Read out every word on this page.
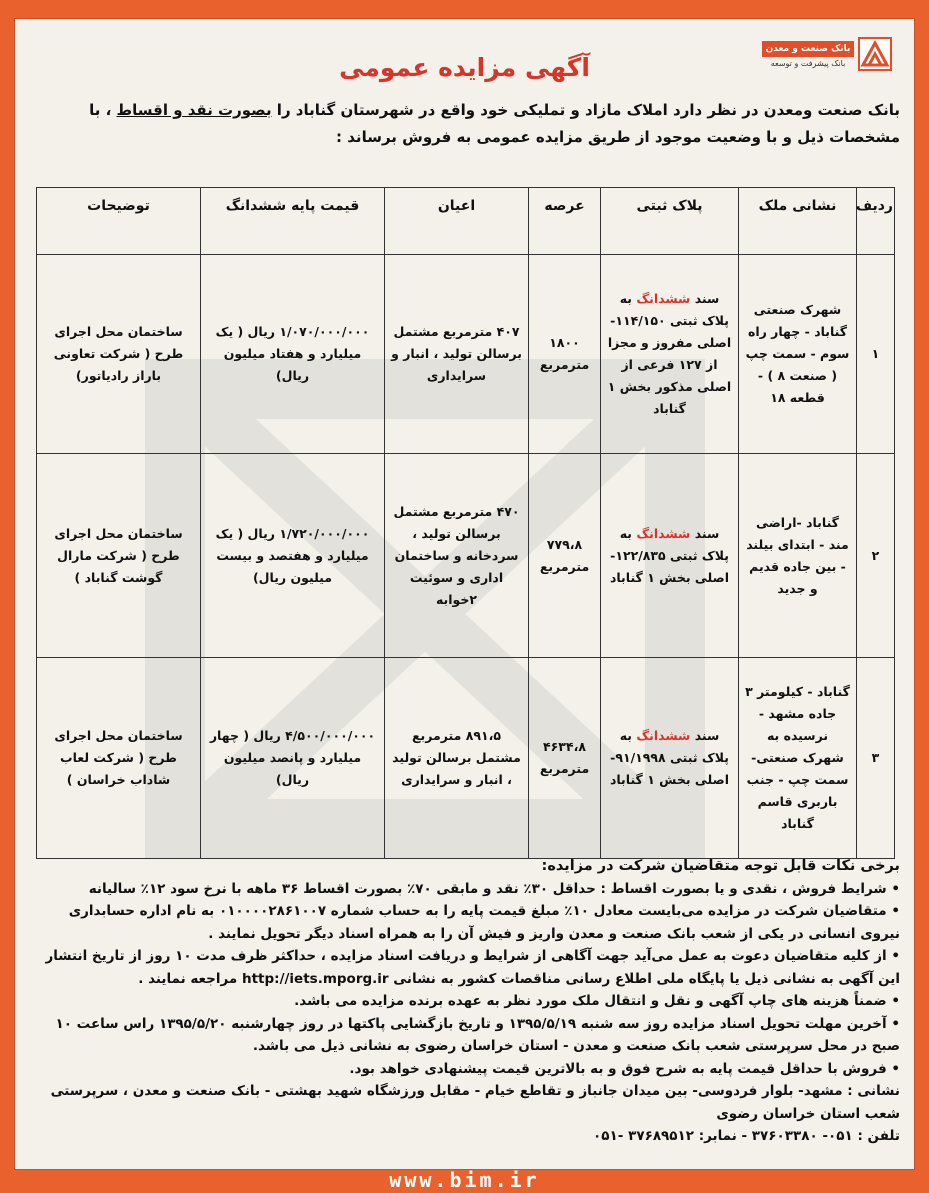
بانک صنعت و معدن
بانک پیشرفت و توسعه
آگهی مزایده عمومی
بانک صنعت ومعدن در نظر دارد املاک مازاد و تملیکی خود واقع در شهرستان گناباد را بصورت نقد و اقساط ، با مشخصات ذیل و با وضعیت موجود از طریق مزایده عمومی به فروش برساند :
ردیف	نشانی ملک	پلاک ثبتی	عرصه	اعیان	قیمت پایه ششدانگ	توضیحات
۱	شهرک صنعتی گناباد - چهار راه سوم - سمت چپ ( صنعت ۸ ) - قطعه ۱۸	سند ششدانگ به پلاک ثبتی ۱۱۴/۱۵۰- اصلی مفروز و مجزا از ۱۲۷ فرعی از اصلی مذکور بخش ۱ گناباد	۱۸۰۰ مترمربع	۴۰۷ مترمربع مشتمل برسالن تولید ، انبار و سرایداری	۱/۰۷۰/۰۰۰/۰۰۰ ریال ( یک میلیارد و هفتاد میلیون ریال)	ساختمان محل اجرای طرح ( شرکت تعاونی باراز رادیاتور)
۲	گناباد -اراضی مند - ابتدای بیلند - بین جاده قدیم و جدید	سند ششدانگ به پلاک ثبتی ۱۲۲/۸۳۵-اصلی بخش ۱ گناباد	۷۷۹،۸ مترمربع	۴۷۰ مترمربع مشتمل برسالن تولید ، سردخانه و ساختمان اداری و سوئیت ۲خوابه	۱/۷۲۰/۰۰۰/۰۰۰ ریال ( یک میلیارد و هفتصد و بیست میلیون ریال)	ساختمان محل اجرای طرح ( شرکت مارال گوشت گناباد )
۳	گناباد - کیلومتر ۳ جاده مشهد - نرسیده به شهرک صنعتی- سمت چپ - جنب باربری قاسم گناباد	سند ششدانگ به پلاک ثبتی ۹۱/۱۹۹۸- اصلی بخش ۱ گناباد	۴۶۳۴،۸ مترمربع	۸۹۱،۵ مترمربع مشتمل برسالن تولید ، انبار و سرایداری	۴/۵۰۰/۰۰۰/۰۰۰ ریال ( چهار میلیارد و پانصد میلیون ریال)	ساختمان محل اجرای طرح ( شرکت لعاب شاداب خراسان )

برخی نکات قابل توجه متقاضیان شرکت در مزایده:

• شرایط فروش ، نقدی و یا بصورت اقساط : حداقل ۳۰٪ نقد و مابقی ۷۰٪ بصورت اقساط ۳۶ ماهه با نرخ سود ۱۲٪ سالیانه

• متقاضیان شرکت در مزایده می‌بایست معادل ۱۰٪ مبلغ قیمت پایه را به حساب شماره ۰۱۰۰۰۰۲۸۶۱۰۰۷ به نام اداره حسابداری نیروی انسانی در یکی از شعب بانک صنعت و معدن واریز و فیش آن را به همراه اسناد دیگر تحویل نمایند .

• از کلیه متقاضیان دعوت به عمل می‌آید جهت آگاهی از شرایط و دریافت اسناد مزایده ، حداکثر ظرف مدت ۱۰ روز از تاریخ انتشار این آگهی به نشانی ذیل یا پایگاه ملی اطلاع رسانی مناقصات کشور به نشانی http://iets.mporg.ir مراجعه نمایند .

• ضمناً هزینه های چاپ آگهی و نقل و انتقال ملک مورد نظر به عهده برنده مزایده می باشد.

• آخرین مهلت تحویل اسناد مزایده روز سه شنبه ۱۳۹۵/۵/۱۹ و تاریخ بازگشایی پاکتها در روز چهارشنبه ۱۳۹۵/۵/۲۰ راس ساعت ۱۰ صبح در محل سرپرستی شعب بانک صنعت و معدن - استان خراسان رضوی به نشانی ذیل می باشد.

• فروش با حداقل قیمت پایه به شرح فوق و به بالاترین قیمت پیشنهادی خواهد بود.

نشانی : مشهد- بلوار فردوسی- بین میدان جانباز و تقاطع خیام - مقابل ورزشگاه شهید بهشتی - بانک صنعت و معدن ، سرپرستی شعب استان خراسان رضوی

تلفن : ۰۵۱- ۳۷۶۰۳۳۸۰ - نمابر: ۳۷۶۸۹۵۱۲ -۰۵۱

www.bim.ir
